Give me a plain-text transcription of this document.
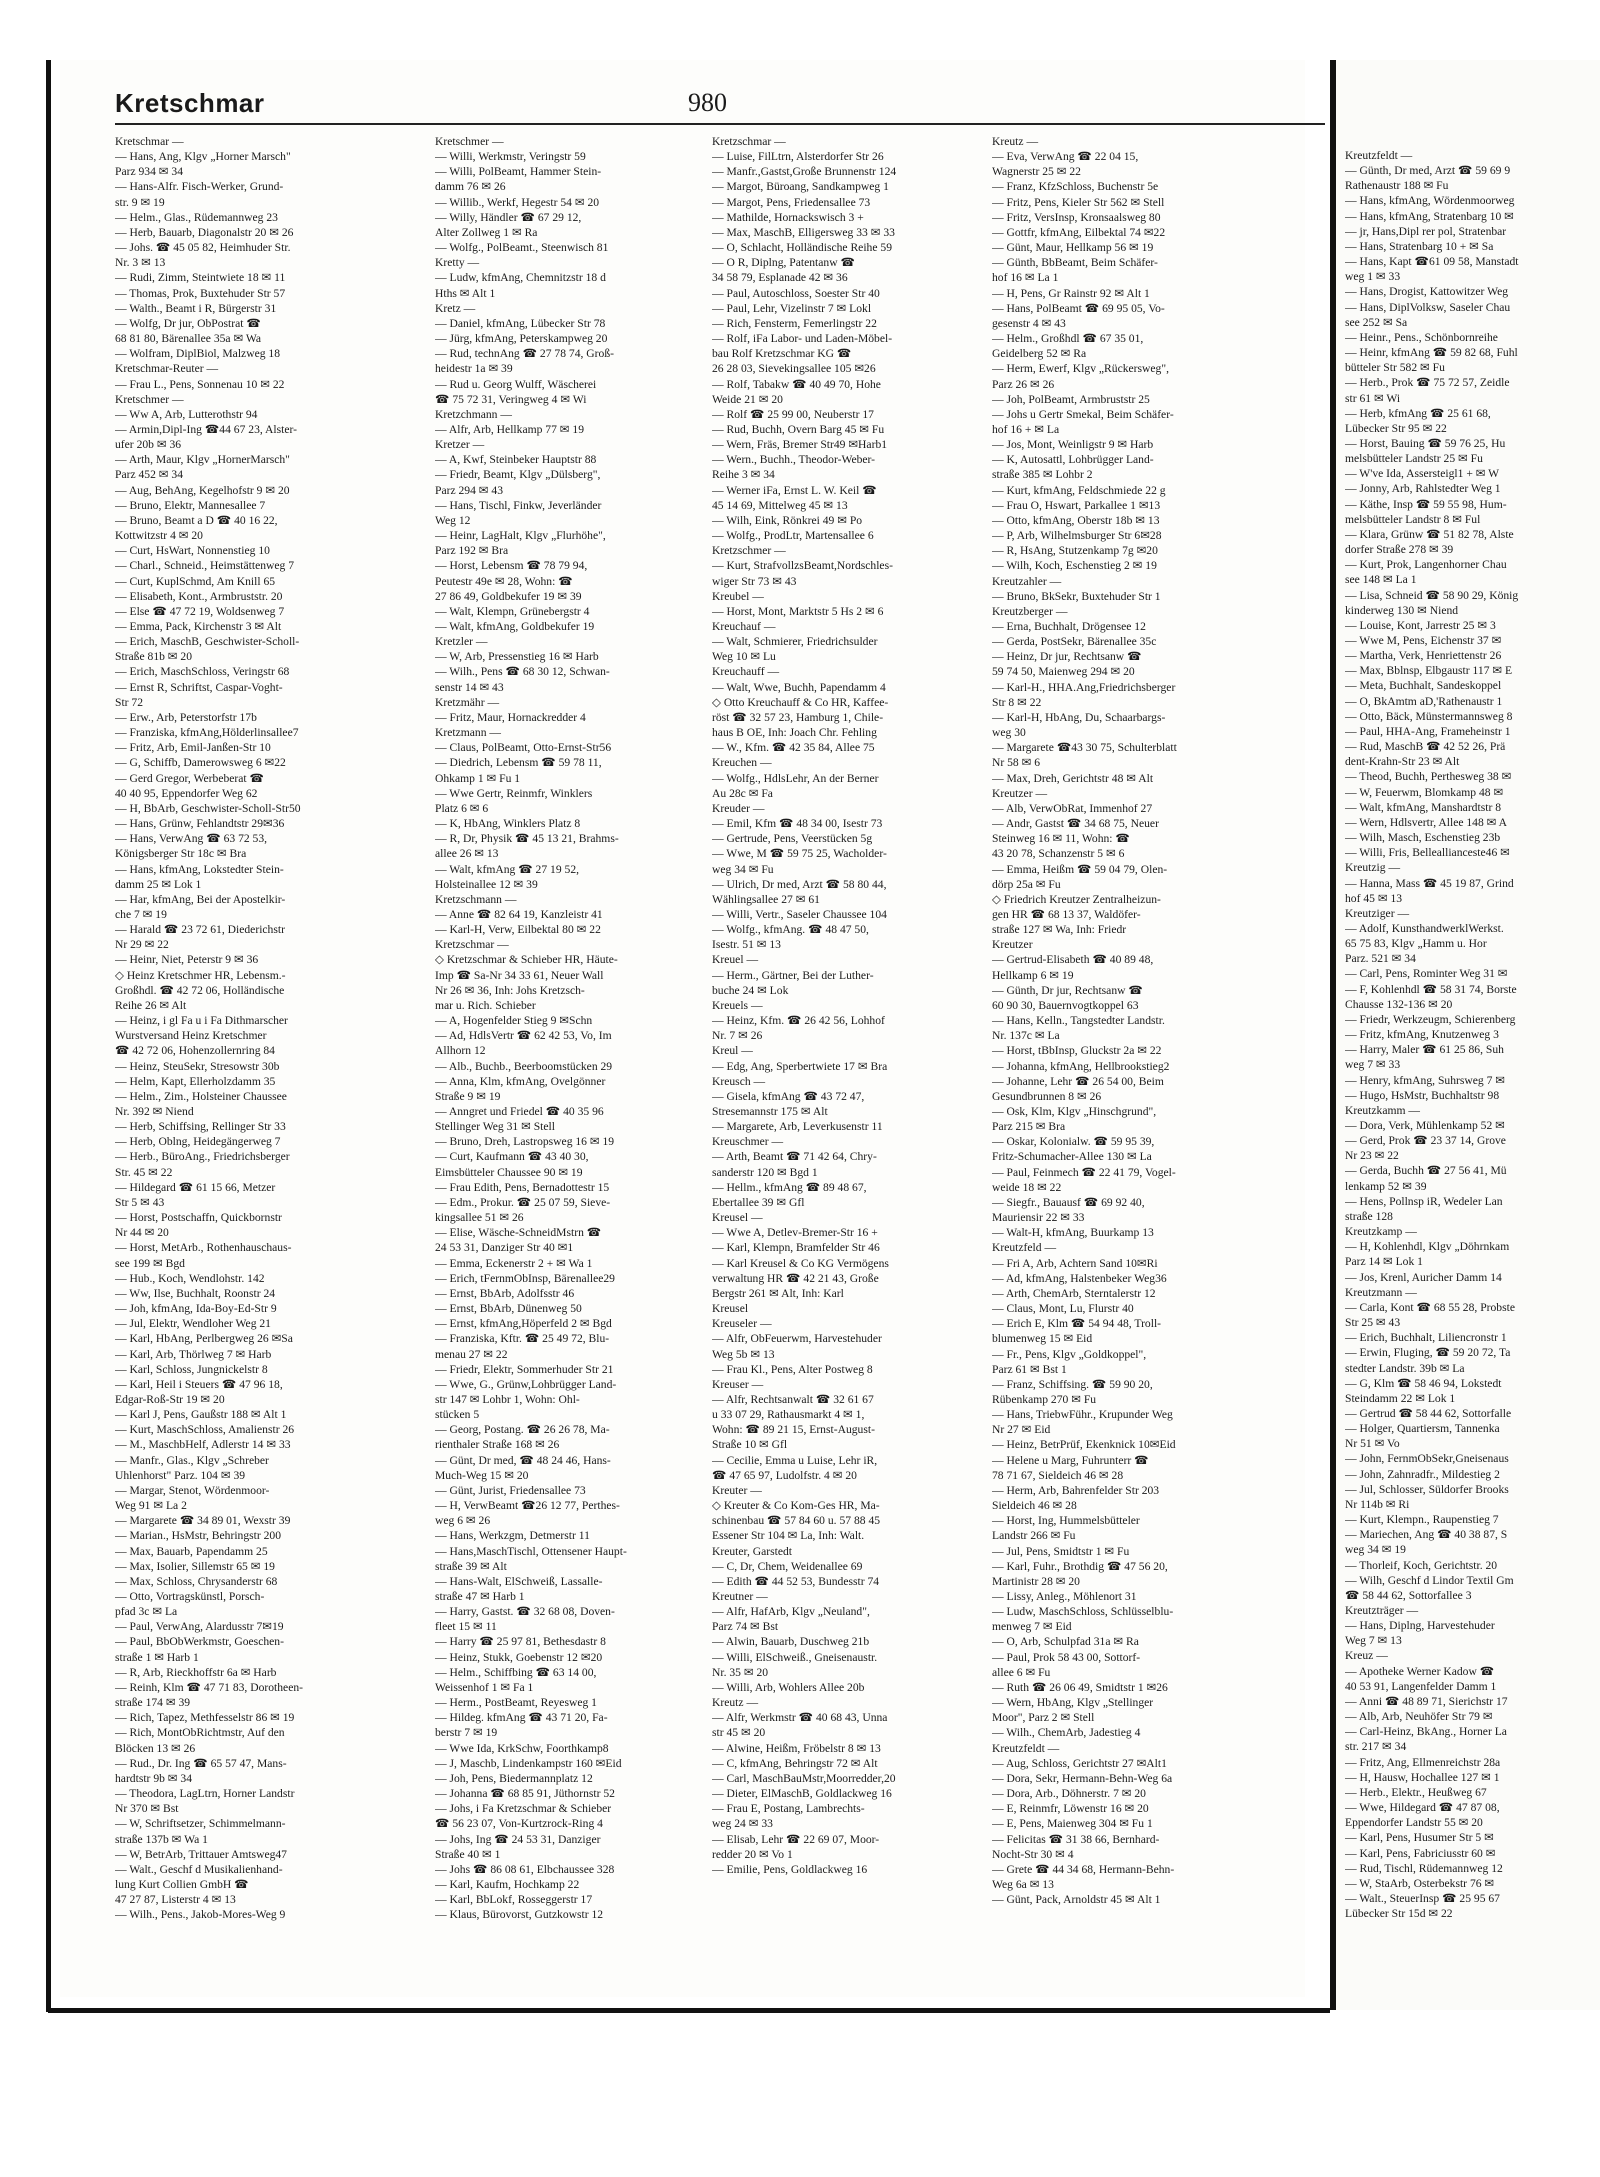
Kretschmar	980
Kretschmar —
— Hans, Ang, Klgv „Horner Marsch"
Parz 934 ✉ 34
— Hans-Alfr. Fisch-Werker, Grund-
str. 9 ✉ 19
— Helm., Glas., Rüdemannweg 23
— Herb, Bauarb, Diagonalstr 20 ✉ 26
— Johs. ☎ 45 05 82, Heimhuder Str.
Nr. 3 ✉ 13
— Rudi, Zimm, Steintwiete 18 ✉ 11
— Thomas, Prok, Buxtehuder Str 57
— Walth., Beamt i R, Bürgerstr 31
— Wolfg, Dr jur, ObPostrat ☎
68 81 80, Bärenallee 35a ✉ Wa
— Wolfram, DiplBiol, Malzweg 18
Kretschmar-Reuter —
— Frau L., Pens, Sonnenau 10 ✉ 22
Kretschmer —
— Ww A, Arb, Lutterothstr 94
— Armin,Dipl-Ing ☎44 67 23, Alster-
ufer 20b ✉ 36
— Arth, Maur, Klgv „HornerMarsch"
Parz 452 ✉ 34
— Aug, BehAng, Kegelhofstr 9 ✉ 20
— Bruno, Elektr, Mannesallee 7
— Bruno, Beamt a D ☎ 40 16 22,
Kottwitzstr 4 ✉ 20
— Curt, HsWart, Nonnenstieg 10
— Charl., Schneid., Heimstättenweg 7
— Curt, KuplSchmd, Am Knill 65
— Elisabeth, Kont., Armbruststr. 20
— Else ☎ 47 72 19, Woldsenweg 7
— Emma, Pack, Kirchenstr 3 ✉ Alt
— Erich, MaschB, Geschwister-Scholl-
Straße 81b ✉ 20
— Erich, MaschSchloss, Veringstr 68
— Ernst R, Schriftst, Caspar-Voght-
Str 72
— Erw., Arb, Peterstorfstr 17b
— Franziska, kfmAng,Hölderlinsallee7
— Fritz, Arb, Emil-Janßen-Str 10
— G, Schiffb, Damerowsweg 6 ✉22
— Gerd Gregor, Werbeberat ☎
40 40 95, Eppendorfer Weg 62
— H, BbArb, Geschwister-Scholl-Str50
— Hans, Grünw, Fehlandtstr 29✉36
— Hans, VerwAng ☎ 63 72 53,
Königsberger Str 18c ✉ Bra
— Hans, kfmAng, Lokstedter Stein-
damm 25 ✉ Lok 1
— Har, kfmAng, Bei der Apostelkir-
che 7 ✉ 19
— Harald ☎ 23 72 61, Diederichstr
Nr 29 ✉ 22
— Heinr, Niet, Peterstr 9 ✉ 36
◇ Heinz Kretschmer HR, Lebensm.-
Großhdl. ☎ 42 72 06, Holländische
Reihe 26 ✉ Alt
— Heinz, i gl Fa u i Fa Dithmarscher
Wurstversand Heinz Kretschmer
☎ 42 72 06, Hohenzollernring 84
— Heinz, SteuSekr, Stresowstr 30b
— Helm, Kapt, Ellerholzdamm 35
— Helm., Zim., Holsteiner Chaussee
Nr. 392 ✉ Niend
— Herb, Schiffsing, Rellinger Str 33
— Herb, Oblng, Heidegängerweg 7
— Herb., BüroAng., Friedrichsberger
Str. 45 ✉ 22
— Hildegard ☎ 61 15 66, Metzer
Str 5 ✉ 43
— Horst, Postschaffn, Quickbornstr
Nr 44 ✉ 20
— Horst, MetArb., Rothenhauschaus-
see 199 ✉ Bgd
— Hub., Koch, Wendlohstr. 142
— Ww, Ilse, Buchhalt, Roonstr 24
— Joh, kfmAng, Ida-Boy-Ed-Str 9
— Jul, Elektr, Wendloher Weg 21
— Karl, HbAng, Perlbergweg 26 ✉Sa
— Karl, Arb, Thörlweg 7 ✉ Harb
— Karl, Schloss, Jungnickelstr 8
— Karl, Heil i Steuers ☎ 47 96 18,
Edgar-Roß-Str 19 ✉ 20
— Karl J, Pens, Gaußstr 188 ✉ Alt 1
— Kurt, MaschSchloss, Amalienstr 26
— M., MaschbHelf, Adlerstr 14 ✉ 33
— Manfr., Glas., Klgv „Schreber
Uhlenhorst" Parz. 104 ✉ 39
— Margar, Stenot, Wördenmoor-
Weg 91 ✉ La 2
— Margarete ☎ 34 89 01, Wexstr 39
— Marian., HsMstr, Behringstr 200
— Max, Bauarb, Papendamm 25
— Max, Isolier, Sillemstr 65 ✉ 19
— Max, Schloss, Chrysanderstr 68
— Otto, Vortragskünstl, Porsch-
pfad 3c ✉ La
— Paul, VerwAng, Alardusstr 7✉19
— Paul, BbObWerkmstr, Goeschen-
straße 1 ✉ Harb 1
— R, Arb, Rieckhoffstr 6a ✉ Harb
— Reinh, Klm ☎ 47 71 83, Dorotheen-
straße 174 ✉ 39
— Rich, Tapez, Methfesselstr 86 ✉ 19
— Rich, MontObRichtmstr, Auf den
Blöcken 13 ✉ 26
— Rud., Dr. Ing ☎ 65 57 47, Mans-
hardtstr 9b ✉ 34
— Theodora, LagLtrn, Horner Landstr
Nr 370 ✉ Bst
— W, Schriftsetzer, Schimmelmann-
straße 137b ✉ Wa 1
— W, BetrArb, Trittauer Amtsweg47
— Walt., Geschf d Musikalienhand-
lung Kurt Collien GmbH ☎
47 27 87, Listerstr 4 ✉ 13
— Wilh., Pens., Jakob-Mores-Weg 9
Kretschmer —
— Willi, Werkmstr, Veringstr 59
— Willi, PolBeamt, Hammer Stein-
damm 76 ✉ 26
— Willib., Werkf, Hegestr 54 ✉ 20
— Willy, Händler ☎ 67 29 12,
Alter Zollweg 1 ✉ Ra
— Wolfg., PolBeamt., Steenwisch 81
Kretty —
— Ludw, kfmAng, Chemnitzstr 18 d
Hths ✉ Alt 1
Kretz —
— Daniel, kfmAng, Lübecker Str 78
— Jürg, kfmAng, Peterskampweg 20
— Rud, technAng ☎ 27 78 74, Groß-
heidestr 1a ✉ 39
— Rud u. Georg Wulff, Wäscherei
☎ 75 72 31, Veringweg 4 ✉ Wi
Kretzchmann —
— Alfr, Arb, Hellkamp 77 ✉ 19
Kretzer —
— A, Kwf, Steinbeker Hauptstr 88
— Friedr, Beamt, Klgv „Dülsberg",
Parz 294 ✉ 43
— Hans, Tischl, Finkw, Jeverländer
Weg 12
— Heinr, LagHalt, Klgv „Flurhöhe",
Parz 192 ✉ Bra
— Horst, Lebensm ☎ 78 79 94,
Peutestr 49e ✉ 28, Wohn: ☎
27 86 49, Goldbekufer 19 ✉ 39
— Walt, Klempn, Grünebergstr 4
— Walt, kfmAng, Goldbekufer 19
Kretzler —
— W, Arb, Pressenstieg 16 ✉ Harb
— Wilh., Pens ☎ 68 30 12, Schwan-
senstr 14 ✉ 43
Kretzmähr —
— Fritz, Maur, Hornackredder 4
Kretzmann —
— Claus, PolBeamt, Otto-Ernst-Str56
— Diedrich, Lebensm ☎ 59 78 11,
Ohkamp 1 ✉ Fu 1
— Wwe Gertr, Reinmfr, Winklers
Platz 6 ✉ 6
— K, HbAng, Winklers Platz 8
— R, Dr, Physik ☎ 45 13 21, Brahms-
allee 26 ✉ 13
— Walt, kfmAng ☎ 27 19 52,
Holsteinallee 12 ✉ 39
Kretzschmann —
— Anne ☎ 82 64 19, Kanzleistr 41
— Karl-H, Verw, Eilbektal 80 ✉ 22
Kretzschmar —
◇ Kretzschmar & Schieber HR, Häute-
Imp ☎ Sa-Nr 34 33 61, Neuer Wall
Nr 26 ✉ 36, Inh: Johs Kretzsch-
mar u. Rich. Schieber
— A, Hogenfelder Stieg 9 ✉Schn
— Ad, HdlsVertr ☎ 62 42 53, Vo, Im
Allhorn 12
— Alb., Buchb., Beerboomstücken 29
— Anna, Klm, kfmAng, Ovelgönner
Straße 9 ✉ 19
— Anngret und Friedel ☎ 40 35 96
Stellinger Weg 31 ✉ Stell
— Bruno, Dreh, Lastropsweg 16 ✉ 19
— Curt, Kaufmann ☎ 43 40 30,
Eimsbütteler Chaussee 90 ✉ 19
— Frau Edith, Pens, Bernadottestr 15
— Edm., Prokur. ☎ 25 07 59, Sieve-
kingsallee 51 ✉ 26
— Elise, Wäsche-SchneidMstrn ☎
24 53 31, Danziger Str 40 ✉1
— Emma, Eckenerstr 2 + ✉ Wa 1
— Erich, tFernmObInsp, Bärenallee29
— Ernst, BbArb, Adolfsstr 46
— Ernst, BbArb, Dünenweg 50
— Ernst, kfmAng,Höperfeld 2 ✉ Bgd
— Franziska, Kftr. ☎ 25 49 72, Blu-
menau 27 ✉ 22
— Friedr, Elektr, Sommerhuder Str 21
— Wwe, G., Grünw,Lohbrügger Land-
str 147 ✉ Lohbr 1, Wohn: Ohl-
stücken 5
— Georg, Postang. ☎ 26 26 78, Ma-
rienthaler Straße 168 ✉ 26
— Günt, Dr med, ☎ 48 24 46, Hans-
Much-Weg 15 ✉ 20
— Günt, Jurist, Friedensallee 73
— H, VerwBeamt ☎26 12 77, Perthes-
weg 6 ✉ 26
— Hans, Werkzgm, Detmerstr 11
— Hans,MaschTischl, Ottensener Haupt-
straße 39 ✉ Alt
— Hans-Walt, ElSchweiß, Lassalle-
straße 47 ✉ Harb 1
— Harry, Gastst. ☎ 32 68 08, Doven-
fleet 15 ✉ 11
— Harry ☎ 25 97 81, Bethesdastr 8
— Heinz, Stukk, Goebenstr 12 ✉20
— Helm., Schiffbing ☎ 63 14 00,
Weissenhof 1 ✉ Fa 1
— Herm., PostBeamt, Reyesweg 1
— Hildeg. kfmAng ☎ 43 71 20, Fa-
berstr 7 ✉ 19
— Wwe Ida, KrkSchw, Foorthkamp8
— J, Maschb, Lindenkampstr 160 ✉Eid
— Joh, Pens, Biedermannplatz 12
— Johanna ☎ 68 85 91, Jüthornstr 52
— Johs, i Fa Kretzschmar & Schieber
☎ 56 23 07, Von-Kurtzrock-Ring 4
— Johs, Ing ☎ 24 53 31, Danziger
Straße 40 ✉ 1
— Johs ☎ 86 08 61, Elbchaussee 328
— Karl, Kaufm, Hochkamp 22
— Karl, BbLokf, Rosseggerstr 17
— Klaus, Bürovorst, Gutzkowstr 12
Kretzschmar —
— Luise, FilLtrn, Alsterdorfer Str 26
— Manfr.,Gastst,Große Brunnenstr 124
— Margot, Büroang, Sandkampweg 1
— Margot, Pens, Friedensallee 73
— Mathilde, Hornackswisch 3 +
— Max, MaschB, Elligersweg 33 ✉ 33
— O, Schlacht, Holländische Reihe 59
— O R, Diplng, Patentanw ☎
34 58 79, Esplanade 42 ✉ 36
— Paul, Autoschloss, Soester Str 40
— Paul, Lehr, Vizelinstr 7 ✉ Lokl
— Rich, Fensterm, Femerlingstr 22
— Rolf, iFa Labor- und Laden-Möbel-
bau Rolf Kretzschmar KG ☎
26 28 03, Sievekingsallee 105 ✉26
— Rolf, Tabakw ☎ 40 49 70, Hohe
Weide 21 ✉ 20
— Rolf ☎ 25 99 00, Neuberstr 17
— Rud, Buchh, Overn Barg 45 ✉ Fu
— Wern, Fräs, Bremer Str49 ✉Harb1
— Wern., Buchh., Theodor-Weber-
Reihe 3 ✉ 34
— Werner iFa, Ernst L. W. Keil ☎
45 14 69, Mittelweg 45 ✉ 13
— Wilh, Eink, Rönkrei 49 ✉ Po
— Wolfg., ProdLtr, Martensallee 6
Kretzschmer —
— Kurt, StrafvollzsBeamt,Nordschles-
wiger Str 73 ✉ 43
Kreubel —
— Horst, Mont, Marktstr 5 Hs 2 ✉ 6
Kreuchauf —
— Walt, Schmierer, Friedrichsulder
Weg 10 ✉ Lu
Kreuchauff —
— Walt, Wwe, Buchh, Papendamm 4
◇ Otto Kreuchauff & Co HR, Kaffee-
röst ☎ 32 57 23, Hamburg 1, Chile-
haus B OE, Inh: Joach Chr. Fehling
— W., Kfm. ☎ 42 35 84, Allee 75
Kreuchen —
— Wolfg., HdlsLehr, An der Berner
Au 28c ✉ Fa
Kreuder —
— Emil, Kfm ☎ 48 34 00, Isestr 73
— Gertrude, Pens, Veerstücken 5g
— Wwe, M ☎ 59 75 25, Wacholder-
weg 34 ✉ Fu
— Ulrich, Dr med, Arzt ☎ 58 80 44,
Wählingsallee 27 ✉ 61
— Willi, Vertr., Saseler Chaussee 104
— Wolfg., kfmAng. ☎ 48 47 50,
Isestr. 51 ✉ 13
Kreuel —
— Herm., Gärtner, Bei der Luther-
buche 24 ✉ Lok
Kreuels —
— Heinz, Kfm. ☎ 26 42 56, Lohhof
Nr. 7 ✉ 26
Kreul —
— Edg, Ang, Sperbertwiete 17 ✉ Bra
Kreusch —
— Gisela, kfmAng ☎ 43 72 47,
Stresemannstr 175 ✉ Alt
— Margarete, Arb, Leverkusenstr 11
Kreuschmer —
— Arth, Beamt ☎ 71 42 64, Chry-
sanderstr 120 ✉ Bgd 1
— Hellm., kfmAng ☎ 89 48 67,
Ebertallee 39 ✉ Gfl
Kreusel —
— Wwe A, Detlev-Bremer-Str 16 +
— Karl, Klempn, Bramfelder Str 46
— Karl Kreusel & Co KG Vermögens
verwaltung HR ☎ 42 21 43, Große
Bergstr 261 ✉ Alt, Inh: Karl
Kreusel
Kreuseler —
— Alfr, ObFeuerwm, Harvestehuder
Weg 5b ✉ 13
— Frau Kl., Pens, Alter Postweg 8
Kreuser —
— Alfr, Rechtsanwalt ☎ 32 61 67
u 33 07 29, Rathausmarkt 4 ✉ 1,
Wohn: ☎ 89 21 15, Ernst-August-
Straße 10 ✉ Gfl
— Cecilie, Emma u Luise, Lehr iR,
☎ 47 65 97, Ludolfstr. 4 ✉ 20
Kreuter —
◇ Kreuter & Co Kom-Ges HR, Ma-
schinenbau ☎ 57 84 60 u. 57 88 45
Essener Str 104 ✉ La, Inh: Walt.
Kreuter, Garstedt
— C, Dr, Chem, Weidenallee 69
— Edith ☎ 44 52 53, Bundesstr 74
Kreutner —
— Alfr, HafArb, Klgv „Neuland",
Parz 74 ✉ Bst
— Alwin, Bauarb, Duschweg 21b
— Willi, ElSchweiß., Gneisenaustr.
Nr. 35 ✉ 20
— Willi, Arb, Wohlers Allee 20b
Kreutz —
— Alfr, Werkmstr ☎ 40 68 43, Unna
str 45 ✉ 20
— Alwine, Heißm, Fröbelstr 8 ✉ 13
— C, kfmAng, Behringstr 72 ✉ Alt
— Carl, MaschBauMstr,Moorredder,20
— Dieter, ElMaschB, Goldlackweg 16
— Frau E, Postang, Lambrechts-
weg 24 ✉ 33
— Elisab, Lehr ☎ 22 69 07, Moor-
redder 20 ✉ Vo 1
— Emilie, Pens, Goldlackweg 16
Kreutz —
— Eva, VerwAng ☎ 22 04 15,
Wagnerstr 25 ✉ 22
— Franz, KfzSchloss, Buchenstr 5e
— Fritz, Pens, Kieler Str 562 ✉ Stell
— Fritz, VersInsp, Kronsaalsweg 80
— Gottfr, kfmAng, Eilbektal 74 ✉22
— Günt, Maur, Hellkamp 56 ✉ 19
— Günth, BbBeamt, Beim Schäfer-
hof 16 ✉ La 1
— H, Pens, Gr Rainstr 92 ✉ Alt 1
— Hans, PolBeamt ☎ 69 95 05, Vo-
gesenstr 4 ✉ 43
— Helm., Großhdl ☎ 67 35 01,
Geidelberg 52 ✉ Ra
— Herm, Ewerf, Klgv „Rückersweg",
Parz 26 ✉ 26
— Joh, PolBeamt, Armbruststr 25
— Johs u Gertr Smekal, Beim Schäfer-
hof 16 + ✉ La
— Jos, Mont, Weinligstr 9 ✉ Harb
— K, Autosattl, Lohbrügger Land-
straße 385 ✉ Lohbr 2
— Kurt, kfmAng, Feldschmiede 22 g
— Frau O, Hswart, Parkallee 1 ✉13
— Otto, kfmAng, Oberstr 18b ✉ 13
— P, Arb, Wilhelmsburger Str 6✉28
— R, HsAng, Stutzenkamp 7g ✉20
— Wilh, Koch, Eschenstieg 2 ✉ 19
Kreutzahler —
— Bruno, BkSekr, Buxtehuder Str 1
Kreutzberger —
— Erna, Buchhalt, Drögensee 12
— Gerda, PostSekr, Bärenallee 35c
— Heinz, Dr jur, Rechtsanw ☎
59 74 50, Maienweg 294 ✉ 20
— Karl-H., HHA.Ang,Friedrichsberger
Str 8 ✉ 22
— Karl-H, HbAng, Du, Schaarbargs-
weg 30
— Margarete ☎43 30 75, Schulterblatt
Nr 58 ✉ 6
— Max, Dreh, Gerichtstr 48 ✉ Alt
Kreutzer —
— Alb, VerwObRat, Immenhof 27
— Andr, Gastst ☎ 34 68 75, Neuer
Steinweg 16 ✉ 11, Wohn: ☎
43 20 78, Schanzenstr 5 ✉ 6
— Emma, Heißm ☎ 59 04 79, Olen-
dörp 25a ✉ Fu
◇ Friedrich Kreutzer Zentralheizun-
gen HR ☎ 68 13 37, Waldöfer-
straße 127 ✉ Wa, Inh: Friedr
Kreutzer
— Gertrud-Elisabeth ☎ 40 89 48,
Hellkamp 6 ✉ 19
— Günth, Dr jur, Rechtsanw ☎
60 90 30, Bauernvogtkoppel 63
— Hans, Kelln., Tangstedter Landstr.
Nr. 137c ✉ La
— Horst, tBbInsp, Gluckstr 2a ✉ 22
— Johanna, kfmAng, Hellbrookstieg2
— Johanne, Lehr ☎ 26 54 00, Beim
Gesundbrunnen 8 ✉ 26
— Osk, Klm, Klgv „Hinschgrund",
Parz 215 ✉ Bra
— Oskar, Kolonialw. ☎ 59 95 39,
Fritz-Schumacher-Allee 130 ✉ La
— Paul, Feinmech ☎ 22 41 79, Vogel-
weide 18 ✉ 22
— Siegfr., Bauausf ☎ 69 92 40,
Mauriensir 22 ✉ 33
— Walt-H, kfmAng, Buurkamp 13
Kreutzfeld —
— Fri A, Arb, Achtern Sand 10✉Ri
— Ad, kfmAng, Halstenbeker Weg36
— Arth, ChemArb, Sterntalerstr 12
— Claus, Mont, Lu, Flurstr 40
— Erich E, Klm ☎ 54 94 48, Troll-
blumenweg 15 ✉ Eid
— Fr., Pens, Klgv „Goldkoppel",
Parz 61 ✉ Bst 1
— Franz, Schiffsing. ☎ 59 90 20,
Rübenkamp 270 ✉ Fu
— Hans, TriebwFühr., Krupunder Weg
Nr 27 ✉ Eid
— Heinz, BetrPrüf, Ekenknick 10✉Eid
— Helene u Marg, Fuhrunterr ☎
78 71 67, Sieldeich 46 ✉ 28
— Herm, Arb, Bahrenfelder Str 203
Sieldeich 46 ✉ 28
— Horst, Ing, Hummelsbütteler
Landstr 266 ✉ Fu
— Jul, Pens, Smidtstr 1 ✉ Fu
— Karl, Fuhr., Brothdig ☎ 47 56 20,
Martinistr 28 ✉ 20
— Lissy, Anleg., Möhlenort 31
— Ludw, MaschSchloss, Schlüsselblu-
menweg 7 ✉ Eid
— O, Arb, Schulpfad 31a ✉ Ra
— Paul, Prok 58 43 00, Sottorf-
allee 6 ✉ Fu
— Ruth ☎ 26 06 49, Smidtstr 1 ✉26
— Wern, HbAng, Klgv „Stellinger
Moor", Parz 2 ✉ Stell
— Wilh., ChemArb, Jadestieg 4
Kreutzfeldt —
— Aug, Schloss, Gerichtstr 27 ✉Alt1
— Dora, Sekr, Hermann-Behn-Weg 6a
— Dora, Arb., Döhnerstr. 7 ✉ 20
— E, Reinmfr, Löwenstr 16 ✉ 20
— E, Pens, Maienweg 304 ✉ Fu 1
— Felicitas ☎ 31 38 66, Bernhard-
Nocht-Str 30 ✉ 4
— Grete ☎ 44 34 68, Hermann-Behn-
Weg 6a ✉ 13
— Günt, Pack, Arnoldstr 45 ✉ Alt 1
Kreutzfeldt —
— Günth, Dr med, Arzt ☎ 59 69 9
Rathenaustr 188 ✉ Fu
— Hans, kfmAng, Wördenmoorweg
— Hans, kfmAng, Stratenbarg 10 ✉
— jr, Hans,Dipl rer pol, Stratenbar
— Hans, Stratenbarg 10 + ✉ Sa
— Hans, Kapt ☎61 09 58, Manstadt
weg 1 ✉ 33
— Hans, Drogist, Kattowitzer Weg
— Hans, DiplVolksw, Saseler Chau
see 252 ✉ Sa
— Heinr., Pens., Schönbornreihe
— Heinr, kfmAng ☎ 59 82 68, Fuhl
bütteler Str 582 ✉ Fu
— Herb., Prok ☎ 75 72 57, Zeidle
str 61 ✉ Wi
— Herb, kfmAng ☎ 25 61 68,
Lübecker Str 95 ✉ 22
— Horst, Bauing ☎ 59 76 25, Hu
melsbütteler Landstr 25 ✉ Fu
— W've Ida, Assersteigl1 + ✉ W
— Jonny, Arb, Rahlstedter Weg 1
— Käthe, Insp ☎ 59 55 98, Hum-
melsbütteler Landstr 8 ✉ Ful
— Klara, Grünw ☎ 51 82 78, Alste
dorfer Straße 278 ✉ 39
— Kurt, Prok, Langenhorner Chau
see 148 ✉ La 1
— Lisa, Schneid ☎ 58 90 29, König
kinderweg 130 ✉ Niend
— Louise, Kont, Jarrestr 25 ✉ 3
— Wwe M, Pens, Eichenstr 37 ✉
— Martha, Verk, Henriettenstr 26
— Max, Bblnsp, Elbgaustr 117 ✉ E
— Meta, Buchhalt, Sandeskoppel
— O, BkAmtm aD,'Rathenaustr 1
— Otto, Bäck, Münstermannsweg 8
— Paul, HHA-Ang, Frameheinstr 1
— Rud, MaschB ☎ 42 52 26, Prä
dent-Krahn-Str 23 ✉ Alt
— Theod, Buchh, Perthesweg 38 ✉
— W, Feuerwm, Blomkamp 48 ✉
— Walt, kfmAng, Manshardtstr 8
— Wern, Hdlsvertr, Allee 148 ✉ A
— Wilh, Masch, Eschenstieg 23b
— Willi, Fris, Belleallianceste46 ✉
Kreutzig —
— Hanna, Mass ☎ 45 19 87, Grind
hof 45 ✉ 13
Kreutziger —
— Adolf, KunsthandwerklWerkst.
65 75 83, Klgv „Hamm u. Hor
Parz. 521 ✉ 34
— Carl, Pens, Rominter Weg 31 ✉
— F, Kohlenhdl ☎ 58 31 74, Borste
Chausse 132-136 ✉ 20
— Friedr, Werkzeugm, Schierenberg
— Fritz, kfmAng, Knutzenweg 3
— Harry, Maler ☎ 61 25 86, Suh
weg 7 ✉ 33
— Henry, kfmAng, Suhrsweg 7 ✉
— Hugo, HsMstr, Buchhaltstr 98
Kreutzkamm —
— Dora, Verk, Mühlenkamp 52 ✉
— Gerd, Prok ☎ 23 37 14, Grove
Nr 23 ✉ 22
— Gerda, Buchh ☎ 27 56 41, Mü
lenkamp 52 ✉ 39
— Hens, Pollnsp iR, Wedeler Lan
straße 128
Kreutzkamp —
— H, Kohlenhdl, Klgv „Döhrnkam
Parz 14 ✉ Lok 1
— Jos, Krenl, Auricher Damm 14
Kreutzmann —
— Carla, Kont ☎ 68 55 28, Probste
Str 25 ✉ 43
— Erich, Buchhalt, Liliencronstr 1
— Erwin, Fluging, ☎ 59 20 72, Ta
stedter Landstr. 39b ✉ La
— G, Klm ☎ 58 46 94, Lokstedt
Steindamm 22 ✉ Lok 1
— Gertrud ☎ 58 44 62, Sottorfalle
— Holger, Quartiersm, Tannenka
Nr 51 ✉ Vo
— John, FernmObSekr,Gneisenaus
— John, Zahnradfr., Mildestieg 2
— Jul, Schlosser, Süldorfer Brooks
Nr 114b ✉ Ri
— Kurt, Klempn., Raupenstieg 7
— Mariechen, Ang ☎ 40 38 87, S
weg 34 ✉ 19
— Thorleif, Koch, Gerichtstr. 20
— Wilh, Geschf d Lindor Textil Gm
☎ 58 44 62, Sottorfallee 3
Kreutzträger —
— Hans, Diplng, Harvestehuder
Weg 7 ✉ 13
Kreuz —
— Apotheke Werner Kadow ☎
40 53 91, Langenfelder Damm 1
— Anni ☎ 48 89 71, Sierichstr 17
— Alb, Arb, Neuhöfer Str 79 ✉
— Carl-Heinz, BkAng., Horner La
str. 217 ✉ 34
— Fritz, Ang, Ellmenreichstr 28a
— H, Hausw, Hochallee 127 ✉ 1
— Herb., Elektr., Heußweg 67
— Wwe, Hildegard ☎ 47 87 08,
Eppendorfer Landstr 55 ✉ 20
— Karl, Pens, Husumer Str 5 ✉
— Karl, Pens, Fabriciusstr 60 ✉
— Rud, Tischl, Rüdemannweg 12
— W, StaArb, Osterbekstr 76 ✉
— Walt., SteuerInsp ☎ 25 95 67
Lübecker Str 15d ✉ 22
